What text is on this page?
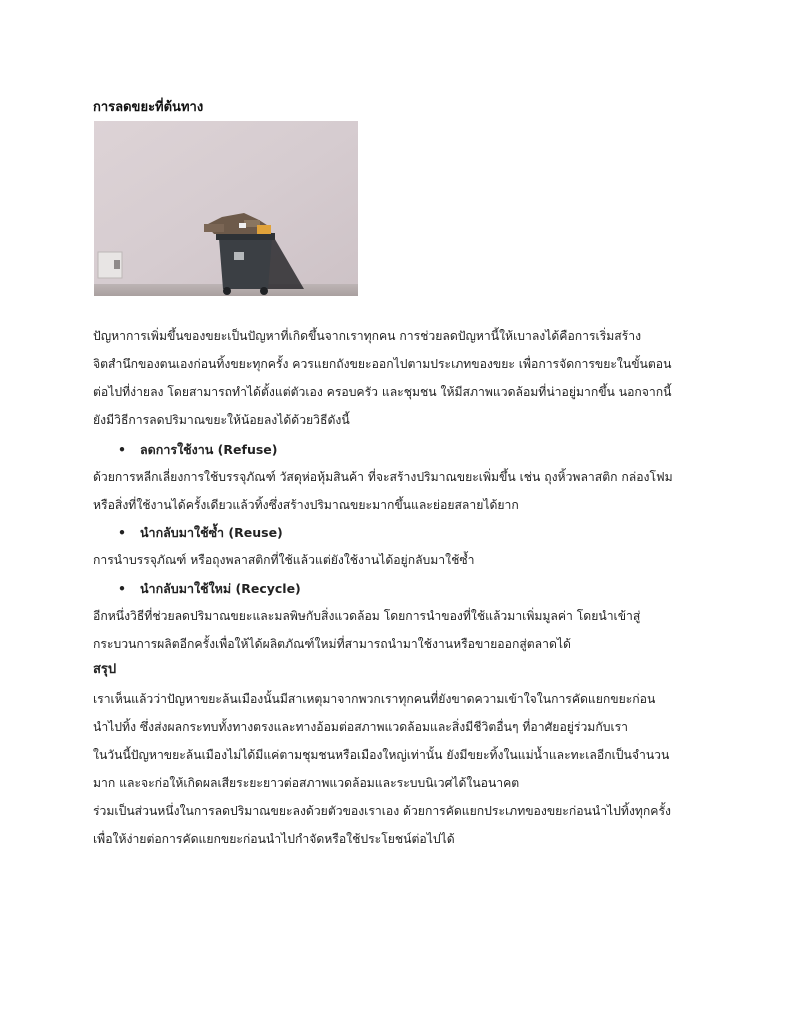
การลดขยะที่ต้นทาง
ปัญหาการเพิ่มขึ้นของขยะเป็นปัญหาที่เกิดขึ้นจากเราทุกคน การช่วยลดปัญหานี้ให้เบาลงได้คือการเริ่มสร้าง
จิตสำนึกของตนเองก่อนทิ้งขยะทุกครั้ง ควรแยกถังขยะออกไปตามประเภทของขยะ เพื่อการจัดการขยะในขั้นตอน
ต่อไปที่ง่ายลง โดยสามารถทำได้ตั้งแต่ตัวเอง ครอบครัว และชุมชน ให้มีสภาพแวดล้อมที่น่าอยู่มากขึ้น นอกจากนี้
ยังมีวิธีการลดปริมาณขยะให้น้อยลงได้ด้วยวิธีดังนี้
• ลดการใช้งาน (Refuse)
ด้วยการหลีกเลี่ยงการใช้บรรจุภัณฑ์ วัสดุห่อหุ้มสินค้า ที่จะสร้างปริมาณขยะเพิ่มขึ้น เช่น ถุงหิ้วพลาสติก กล่องโฟม
หรือสิ่งที่ใช้งานได้ครั้งเดียวแล้วทิ้งซึ่งสร้างปริมาณขยะมากขึ้นและย่อยสลายได้ยาก
• นำกลับมาใช้ซ้ำ (Reuse)
การนำบรรจุภัณฑ์ หรือถุงพลาสติกที่ใช้แล้วแต่ยังใช้งานได้อยู่กลับมาใช้ซ้ำ
• นำกลับมาใช้ใหม่ (Recycle)
อีกหนึ่งวิธีที่ช่วยลดปริมาณขยะและมลพิษกับสิ่งแวดล้อม โดยการนำของที่ใช้แล้วมาเพิ่มมูลค่า โดยนำเข้าสู่
กระบวนการผลิตอีกครั้งเพื่อให้ได้ผลิตภัณฑ์ใหม่ที่สามารถนำมาใช้งานหรือขายออกสู่ตลาดได้
สรุป
เราเห็นแล้วว่าปัญหาขยะล้นเมืองนั้นมีสาเหตุมาจากพวกเราทุกคนที่ยังขาดความเข้าใจในการคัดแยกขยะก่อน
นำไปทิ้ง ซึ่งส่งผลกระทบทั้งทางตรงและทางอ้อมต่อสภาพแวดล้อมและสิ่งมีชีวิตอื่นๆ ที่อาศัยอยู่ร่วมกับเรา
ในวันนี้ปัญหาขยะล้นเมืองไม่ได้มีแค่ตามชุมชนหรือเมืองใหญ่เท่านั้น ยังมีขยะทิ้งในแม่น้ำและทะเลอีกเป็นจำนวน
มาก และจะก่อให้เกิดผลเสียระยะยาวต่อสภาพแวดล้อมและระบบนิเวศได้ในอนาคต
ร่วมเป็นส่วนหนึ่งในการลดปริมาณขยะลงด้วยตัวของเราเอง ด้วยการคัดแยกประเภทของขยะก่อนนำไปทิ้งทุกครั้ง
เพื่อให้ง่ายต่อการคัดแยกขยะก่อนนำไปกำจัดหรือใช้ประโยชน์ต่อไปได้
